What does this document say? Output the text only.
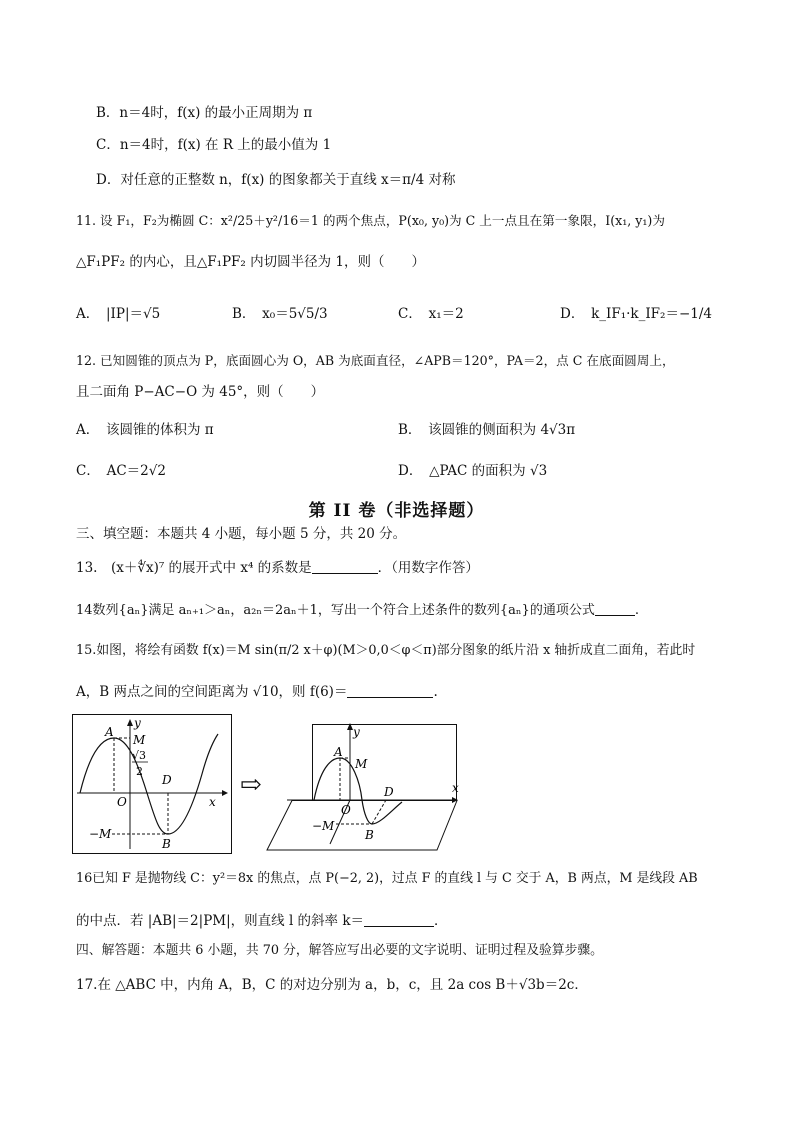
B．n＝4时，f(x) 的最小正周期为 π
C．n＝4时，f(x) 在 R 上的最小值为 1
D．对任意的正整数 n，f(x) 的图象都关于直线 x＝π/4 对称
11. 设 F₁，F₂为椭圆 C：x²/25＋y²/16＝1 的两个焦点，P(x₀, y₀)为 C 上一点且在第一象限，I(x₁, y₁)为
△F₁PF₂ 的内心，且△F₁PF₂ 内切圆半径为 1，则（　　）
A．　|IP|＝√5	B．　x₀＝5√5/3	C．　x₁＝2	D．　k_IF₁·k_IF₂＝−1/4
12. 已知圆锥的顶点为 P，底面圆心为 O，AB 为底面直径，∠APB＝120°，PA＝2，点 C 在底面圆周上，
且二面角 P−AC−O 为 45°，则（　　）
A．　该圆锥的体积为 π	B．　该圆锥的侧面积为 4√3π
C．　AC＝2√2	D．　△PAC 的面积为 √3
第 II 卷（非选择题）
三、填空题：本题共 4 小题，每小题 5 分，共 20 分。
13.　(x＋∜x)⁷ 的展开式中 x⁴ 的系数是	．（用数字作答）
14数列{aₙ}满足 aₙ₊₁＞aₙ，a₂ₙ＝2aₙ＋1，写出一个符合上述条件的数列{aₙ}的通项公式	.
15.如图，将绘有函数 f(x)＝M sin(π/2 x＋φ)(M＞0,0＜φ＜π)部分图象的纸片沿 x 轴折成直二面角，若此时
A，B 两点之间的空间距离为 √10，则 f(6)＝	.
y
A
M
√3
2
D
O	x
−M
B
⇨
y
A
M
D
O
x
−M
B
16已知 F 是抛物线 C：y²＝8x 的焦点，点 P(−2, 2)，过点 F 的直线 l 与 C 交于 A，B 两点，M 是线段 AB
的中点．若 |AB|＝2|PM|，则直线 l 的斜率 k＝	．
四、解答题：本题共 6 小题，共 70 分，解答应写出必要的文字说明、证明过程及验算步骤。
17.在 △ABC 中，内角 A，B，C 的对边分别为 a，b，c，且 2a cos B＋√3b＝2c．
